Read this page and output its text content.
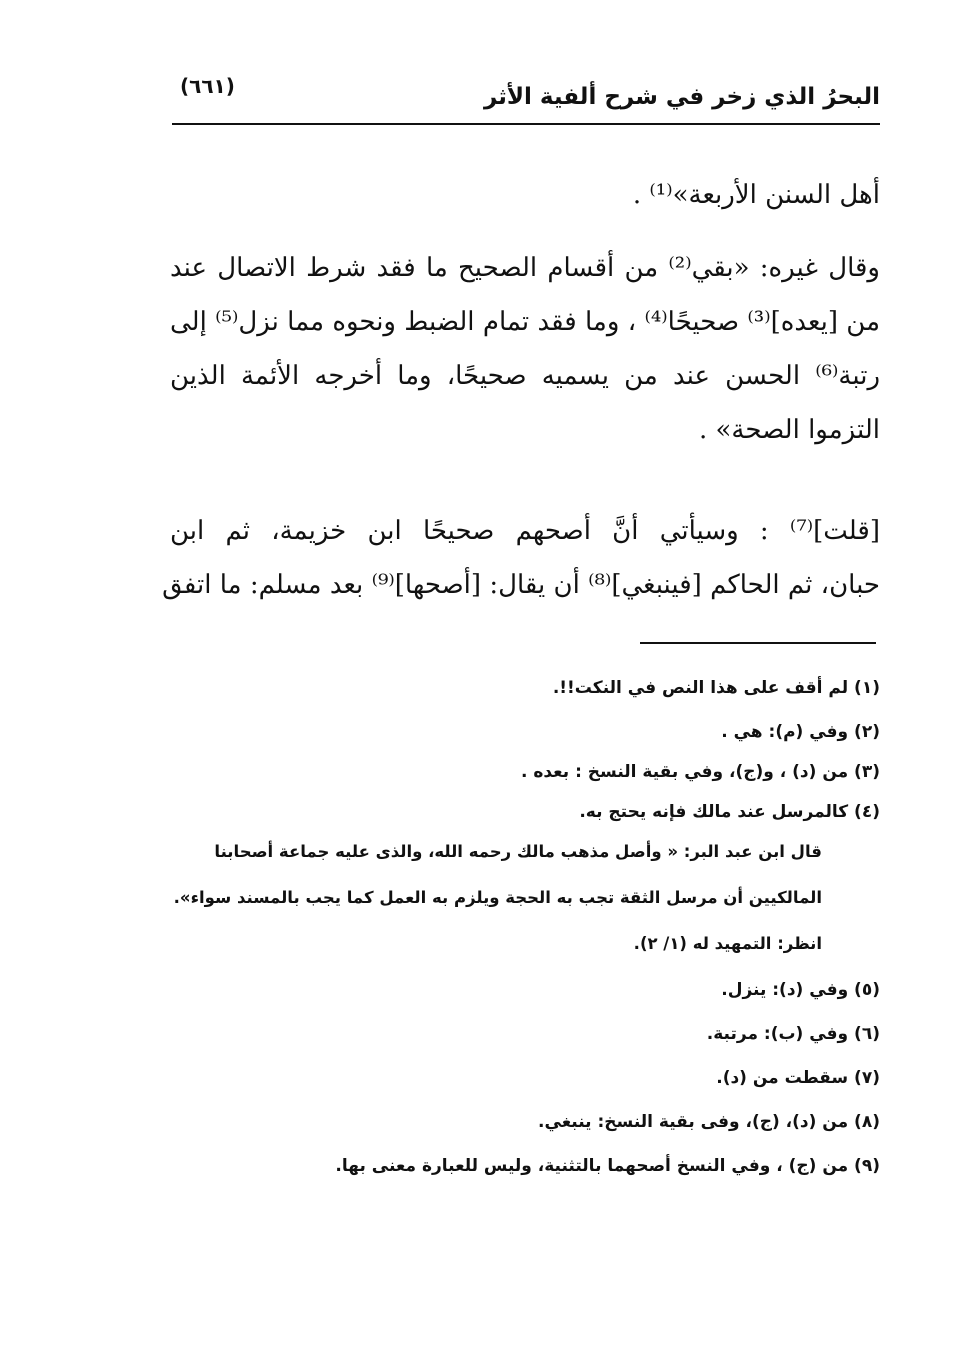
(٦٦١)	البحرُ الذي زخر في شرح ألفية الأثر
أهل السنن الأربعة»⁽¹⁾ .
وقال غيره: «بقي⁽²⁾ من أقسام الصحيح ما فقد شرط الاتصال عند
من [يعده]⁽³⁾ صحيحًا⁽⁴⁾ ، وما فقد تمام الضبط ونحوه مما نزل⁽⁵⁾ إلى
رتبة⁽⁶⁾ الحسن عند من يسميه صحيحًا، وما أخرجه الأئمة الذين
التزموا الصحة» .
[قلت]⁽⁷⁾ : وسيأتي أنَّ أصحهم صحيحًا ابن خزيمة، ثم ابن
حبان، ثم الحاكم [فينبغي]⁽⁸⁾ أن يقال: [أصحها]⁽⁹⁾ بعد مسلم: ما اتفق
(١) لم أقف على هذا النص في النكت!!.
(٢) وفي (م): هي .
(٣) من (د) ، و(ج)، وفي بقية النسخ : بعده .
(٤) كالمرسل عند مالك فإنه يحتج به.
قال ابن عبد البر: « وأصل مذهب مالك رحمه الله، والذى عليه جماعة أصحابنا
المالكيين أن مرسل الثقة تجب به الحجة ويلزم به العمل كما يجب بالمسند سواء».
انظر: التمهيد له (١/ ٢).
(٥) وفي (د): ينزل.
(٦) وفي (ب): مرتبة.
(٧) سقطت من (د).
(٨) من (د)، (ج)، وفى بقية النسخ: ينبغي.
(٩) من (ج) ، وفي النسخ أصحهما بالتثنية، وليس للعبارة معنى بها.
